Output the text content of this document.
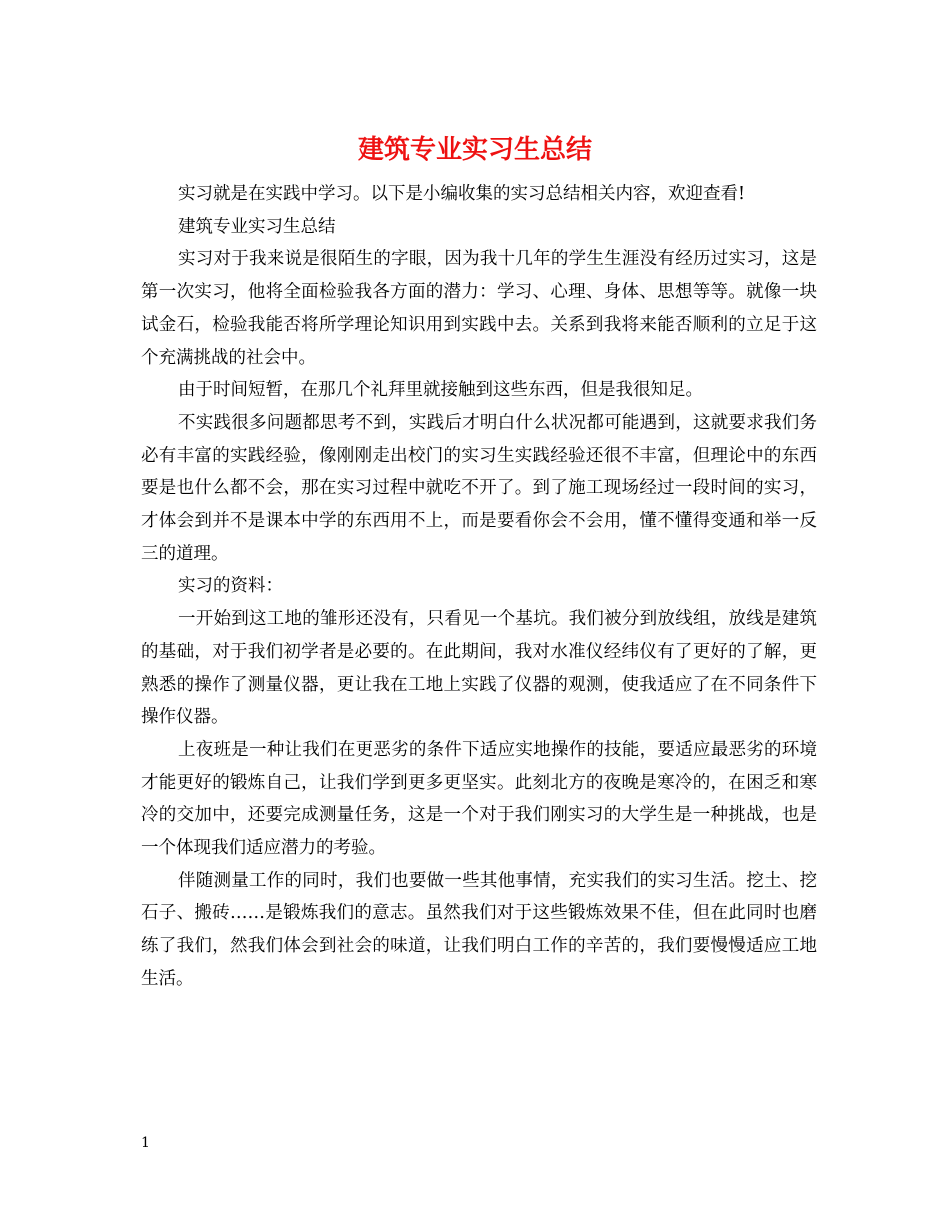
建筑专业实习生总结

实习就是在实践中学习。以下是小编收集的实习总结相关内容，欢迎查看!

建筑专业实习生总结

实习对于我来说是很陌生的字眼，因为我十几年的学生生涯没有经历过实习，这是第一次实习，他将全面检验我各方面的潜力：学习、心理、身体、思想等等。就像一块试金石，检验我能否将所学理论知识用到实践中去。关系到我将来能否顺利的立足于这个充满挑战的社会中。

由于时间短暂，在那几个礼拜里就接触到这些东西，但是我很知足。

不实践很多问题都思考不到，实践后才明白什么状况都可能遇到，这就要求我们务必有丰富的实践经验，像刚刚走出校门的实习生实践经验还很不丰富，但理论中的东西要是也什么都不会，那在实习过程中就吃不开了。到了施工现场经过一段时间的实习，才体会到并不是课本中学的东西用不上，而是要看你会不会用，懂不懂得变通和举一反三的道理。

实习的资料：

一开始到这工地的雏形还没有，只看见一个基坑。我们被分到放线组，放线是建筑的基础，对于我们初学者是必要的。在此期间，我对水准仪经纬仪有了更好的了解，更熟悉的操作了测量仪器，更让我在工地上实践了仪器的观测，使我适应了在不同条件下操作仪器。

上夜班是一种让我们在更恶劣的条件下适应实地操作的技能，要适应最恶劣的环境才能更好的锻炼自己，让我们学到更多更坚实。此刻北方的夜晚是寒冷的，在困乏和寒冷的交加中，还要完成测量任务，这是一个对于我们刚实习的大学生是一种挑战，也是一个体现我们适应潜力的考验。

伴随测量工作的同时，我们也要做一些其他事情，充实我们的实习生活。挖土、挖石子、搬砖……是锻炼我们的意志。虽然我们对于这些锻炼效果不佳，但在此同时也磨练了我们，然我们体会到社会的味道，让我们明白工作的辛苦的，我们要慢慢适应工地生活。

1
